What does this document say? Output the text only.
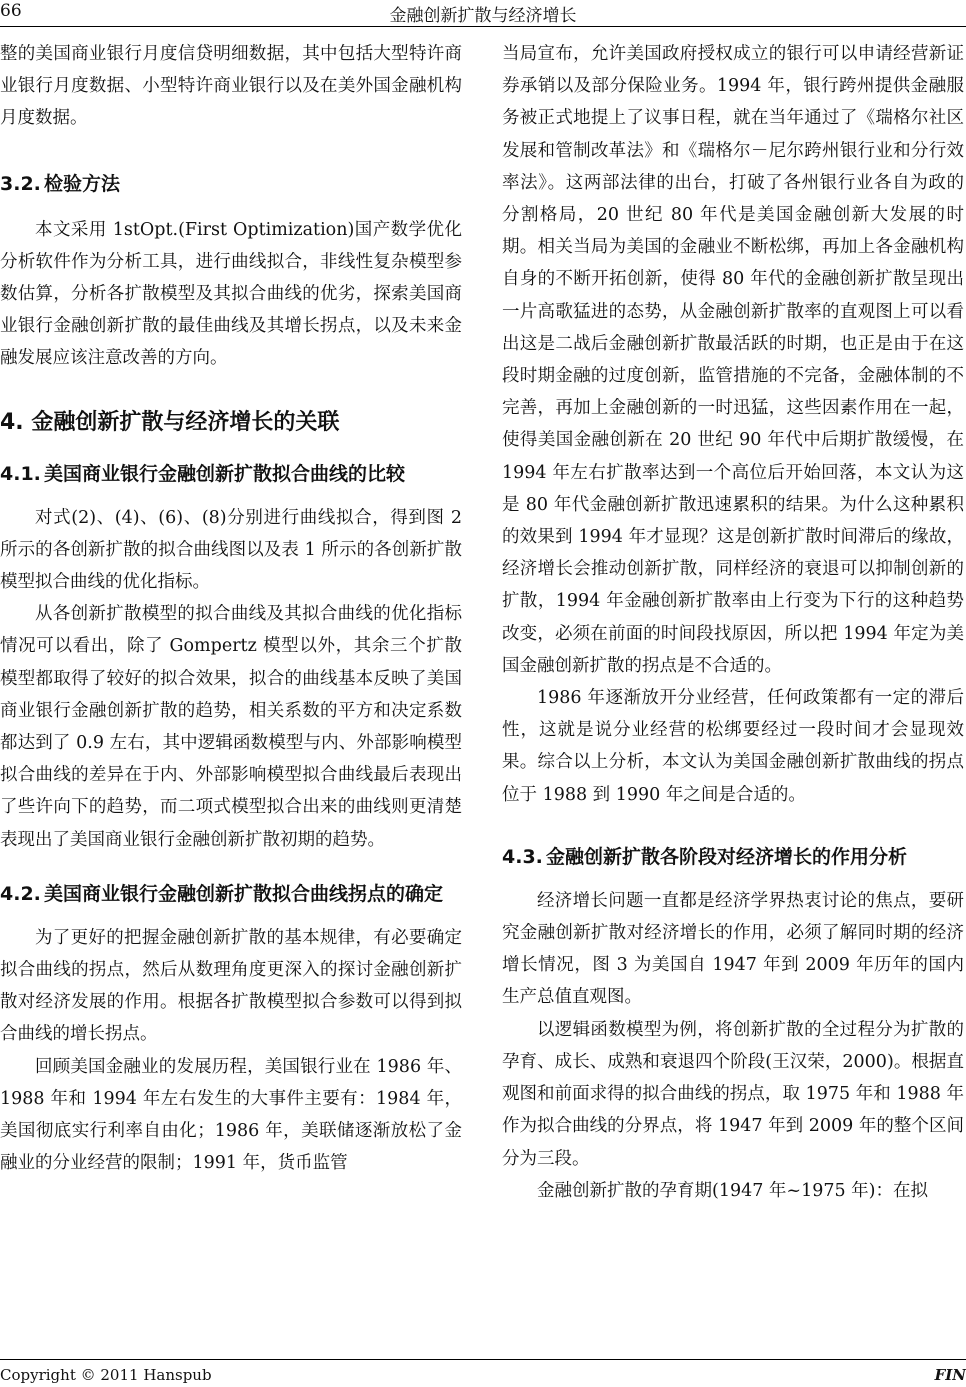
66	金融创新扩散与经济增长

整的美国商业银行月度信贷明细数据，其中包括大型特许商业银行月度数据、小型特许商业银行以及在美外国金融机构月度数据。

3.2. 检验方法

本文采用 1stOpt.(First Optimization)国产数学优化分析软件作为分析工具，进行曲线拟合，非线性复杂模型参数估算，分析各扩散模型及其拟合曲线的优劣，探索美国商业银行金融创新扩散的最佳曲线及其增长拐点，以及未来金融发展应该注意改善的方向。

4. 金融创新扩散与经济增长的关联
4.1. 美国商业银行金融创新扩散拟合曲线的比较

对式(2)、(4)、(6)、(8)分别进行曲线拟合，得到图 2 所示的各创新扩散的拟合曲线图以及表 1 所示的各创新扩散模型拟合曲线的优化指标。

从各创新扩散模型的拟合曲线及其拟合曲线的优化指标情况可以看出，除了 Gompertz 模型以外，其余三个扩散模型都取得了较好的拟合效果，拟合的曲线基本反映了美国商业银行金融创新扩散的趋势，相关系数的平方和决定系数都达到了 0.9 左右，其中逻辑函数模型与内、外部影响模型拟合曲线的差异在于内、外部影响模型拟合曲线最后表现出了些许向下的趋势，而二项式模型拟合出来的曲线则更清楚表现出了美国商业银行金融创新扩散初期的趋势。

4.2. 美国商业银行金融创新扩散拟合曲线拐点的确定

为了更好的把握金融创新扩散的基本规律，有必要确定拟合曲线的拐点，然后从数理角度更深入的探讨金融创新扩散对经济发展的作用。根据各扩散模型拟合参数可以得到拟合曲线的增长拐点。

回顾美国金融业的发展历程，美国银行业在 1986 年、1988 年和 1994 年左右发生的大事件主要有：1984 年，美国彻底实行利率自由化；1986 年，美联储逐渐放松了金融业的分业经营的限制；1991 年，货币监管

当局宣布，允许美国政府授权成立的银行可以申请经营新证券承销以及部分保险业务。1994 年，银行跨州提供金融服务被正式地提上了议事日程，就在当年通过了《瑞格尔社区发展和管制改革法》和《瑞格尔－尼尔跨州银行业和分行效率法》。这两部法律的出台，打破了各州银行业各自为政的分割格局，20 世纪 80 年代是美国金融创新大发展的时期。相关当局为美国的金融业不断松绑，再加上各金融机构自身的不断开拓创新，使得 80 年代的金融创新扩散呈现出一片高歌猛进的态势，从金融创新扩散率的直观图上可以看出这是二战后金融创新扩散最活跃的时期，也正是由于在这段时期金融的过度创新，监管措施的不完备，金融体制的不完善，再加上金融创新的一时迅猛，这些因素作用在一起，使得美国金融创新在 20 世纪 90 年代中后期扩散缓慢，在 1994 年左右扩散率达到一个高位后开始回落，本文认为这是 80 年代金融创新扩散迅速累积的结果。为什么这种累积的效果到 1994 年才显现？这是创新扩散时间滞后的缘故，经济增长会推动创新扩散，同样经济的衰退可以抑制创新的扩散，1994 年金融创新扩散率由上行变为下行的这种趋势改变，必须在前面的时间段找原因，所以把 1994 年定为美国金融创新扩散的拐点是不合适的。

1986 年逐渐放开分业经营，任何政策都有一定的滞后性，这就是说分业经营的松绑要经过一段时间才会显现效果。综合以上分析，本文认为美国金融创新扩散曲线的拐点位于 1988 到 1990 年之间是合适的。

4.3. 金融创新扩散各阶段对经济增长的作用分析

经济增长问题一直都是经济学界热衷讨论的焦点，要研究金融创新扩散对经济增长的作用，必须了解同时期的经济增长情况，图 3 为美国自 1947 年到 2009 年历年的国内生产总值直观图。

以逻辑函数模型为例，将创新扩散的全过程分为扩散的孕育、成长、成熟和衰退四个阶段(王汉荣，2000)。根据直观图和前面求得的拟合曲线的拐点，取 1975 年和 1988 年作为拟合曲线的分界点，将 1947 年到 2009 年的整个区间分为三段。

金融创新扩散的孕育期(1947 年~1975 年)：在拟

Copyright © 2011 Hanspub	FIN
